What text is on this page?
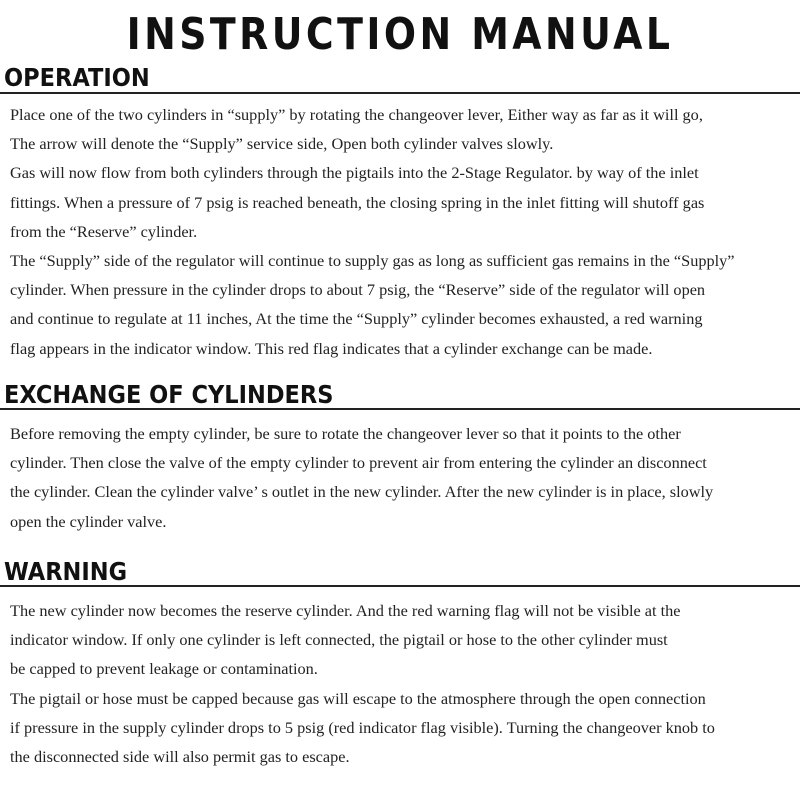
INSTRUCTION MANUAL
OPERATION
Place one of the two cylinders in “supply” by rotating the changeover lever, Either way as far as it will go,
The arrow will denote the “Supply” service side, Open both cylinder valves slowly.
Gas will now flow from both cylinders through the pigtails into the 2-Stage Regulator. by way of the inlet
fittings. When a pressure of 7 psig is reached beneath, the closing spring in the inlet fitting will shutoff gas
from the “Reserve” cylinder.
The “Supply” side of the regulator will continue to supply gas as long as sufficient gas remains in the “Supply”
cylinder. When pressure in the cylinder drops to about 7 psig, the “Reserve” side of the regulator will open
and continue to regulate at 11 inches, At the time the “Supply” cylinder becomes exhausted, a red warning
flag appears in the indicator window. This red flag indicates that a cylinder exchange can be made.
EXCHANGE OF CYLINDERS
Before removing the empty cylinder, be sure to rotate the changeover lever so that it points to the other
cylinder. Then close the valve of the empty cylinder to prevent air from entering the cylinder an disconnect
the cylinder. Clean the cylinder valve’ s outlet in the new cylinder. After the new cylinder is in place, slowly
open the cylinder valve.
WARNING
The new cylinder now becomes the reserve cylinder. And the red warning flag will not be visible at the
indicator window. If only one cylinder is left connected, the pigtail or hose to the other cylinder must
be capped to prevent leakage or contamination.
The pigtail or hose must be capped because gas will escape to the atmosphere through the open connection
if pressure in the supply cylinder drops to 5 psig (red indicator flag visible). Turning the changeover knob to
the disconnected side will also permit gas to escape.
